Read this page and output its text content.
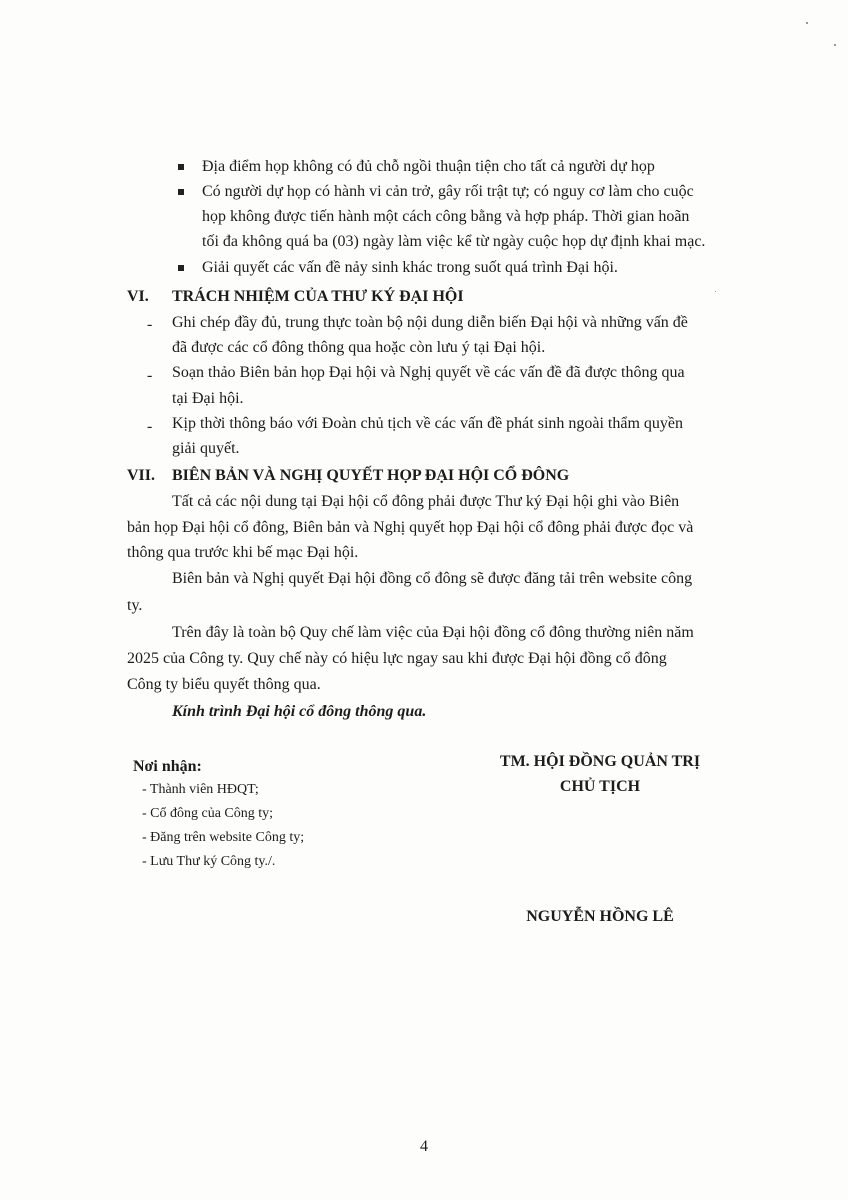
Địa điểm họp không có đủ chỗ ngồi thuận tiện cho tất cả người dự họp
Có người dự họp có hành vi cản trở, gây rối trật tự; có nguy cơ làm cho cuộc
họp không được tiến hành một cách công bằng và hợp pháp. Thời gian hoãn
tối đa không quá ba (03) ngày làm việc kể từ ngày cuộc họp dự định khai mạc.
Giải quyết các vấn đề nảy sinh khác trong suốt quá trình Đại hội.
VI. TRÁCH NHIỆM CỦA THƯ KÝ ĐẠI HỘI
- Ghi chép đầy đủ, trung thực toàn bộ nội dung diễn biến Đại hội và những vấn đề
đã được các cổ đông thông qua hoặc còn lưu ý tại Đại hội.
- Soạn thảo Biên bản họp Đại hội và Nghị quyết về các vấn đề đã được thông qua
tại Đại hội.
- Kịp thời thông báo với Đoàn chủ tịch về các vấn đề phát sinh ngoài thẩm quyền
giải quyết.
VII. BIÊN BẢN VÀ NGHỊ QUYẾT HỌP ĐẠI HỘI CỔ ĐÔNG
Tất cả các nội dung tại Đại hội cổ đông phải được Thư ký Đại hội ghi vào Biên
bản họp Đại hội cổ đông, Biên bản và Nghị quyết họp Đại hội cổ đông phải được đọc và
thông qua trước khi bế mạc Đại hội.
Biên bản và Nghị quyết Đại hội đồng cổ đông sẽ được đăng tải trên website công
ty.
Trên đây là toàn bộ Quy chế làm việc của Đại hội đồng cổ đông thường niên năm
2025 của Công ty. Quy chế này có hiệu lực ngay sau khi được Đại hội đồng cổ đông
Công ty biểu quyết thông qua.
Kính trình Đại hội cổ đông thông qua.
Nơi nhận:
- Thành viên HĐQT;
- Cổ đông của Công ty;
- Đăng trên website Công ty;
- Lưu Thư ký Công ty./.
TM. HỘI ĐỒNG QUẢN TRỊ
CHỦ TỊCH
NGUYỄN HỒNG LÊ
4
